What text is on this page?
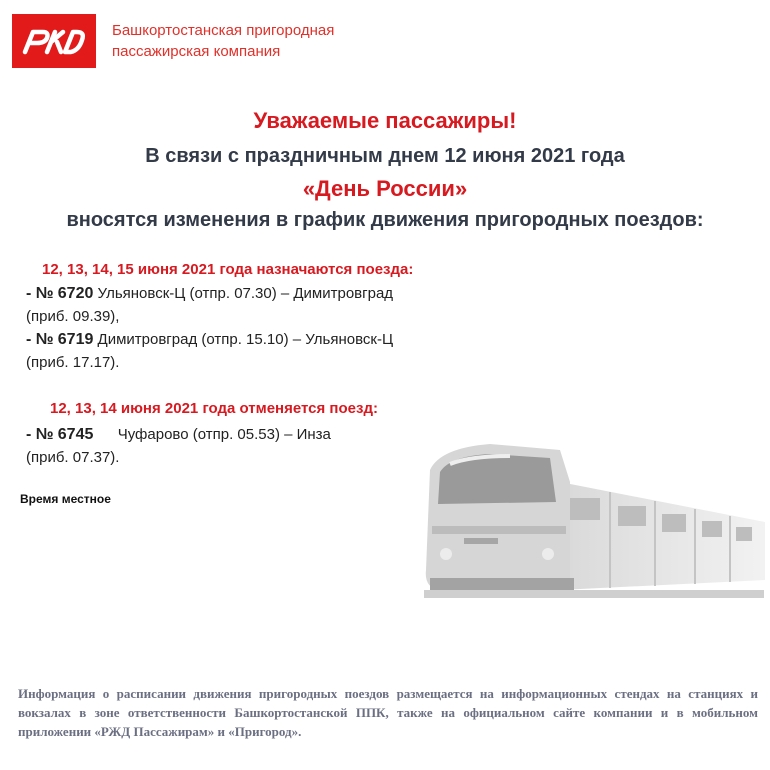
Башкортостанская пригородная
пассажирская компания
Уважаемые пассажиры!
В связи с праздничным днем 12 июня 2021 года
«День России»
вносятся изменения в график движения пригородных поездов:
12, 13, 14, 15 июня 2021 года назначаются поезда:
- № 6720 Ульяновск-Ц (отпр. 07.30) – Димитровград
(приб. 09.39),
- № 6719 Димитровград (отпр. 15.10) – Ульяновск-Ц
(приб. 17.17).
12, 13, 14 июня 2021 года отменяется поезд:
- № 6745 Чуфарово (отпр. 05.53) – Инза
(приб. 07.37).
Время местное
Информация о расписании движения пригородных поездов размещается на информационных стендах на станциях и вокзалах в зоне ответственности Башкортостанской ППК, также на официальном сайте компании и в мобильном приложении «РЖД Пассажирам» и «Пригород».
